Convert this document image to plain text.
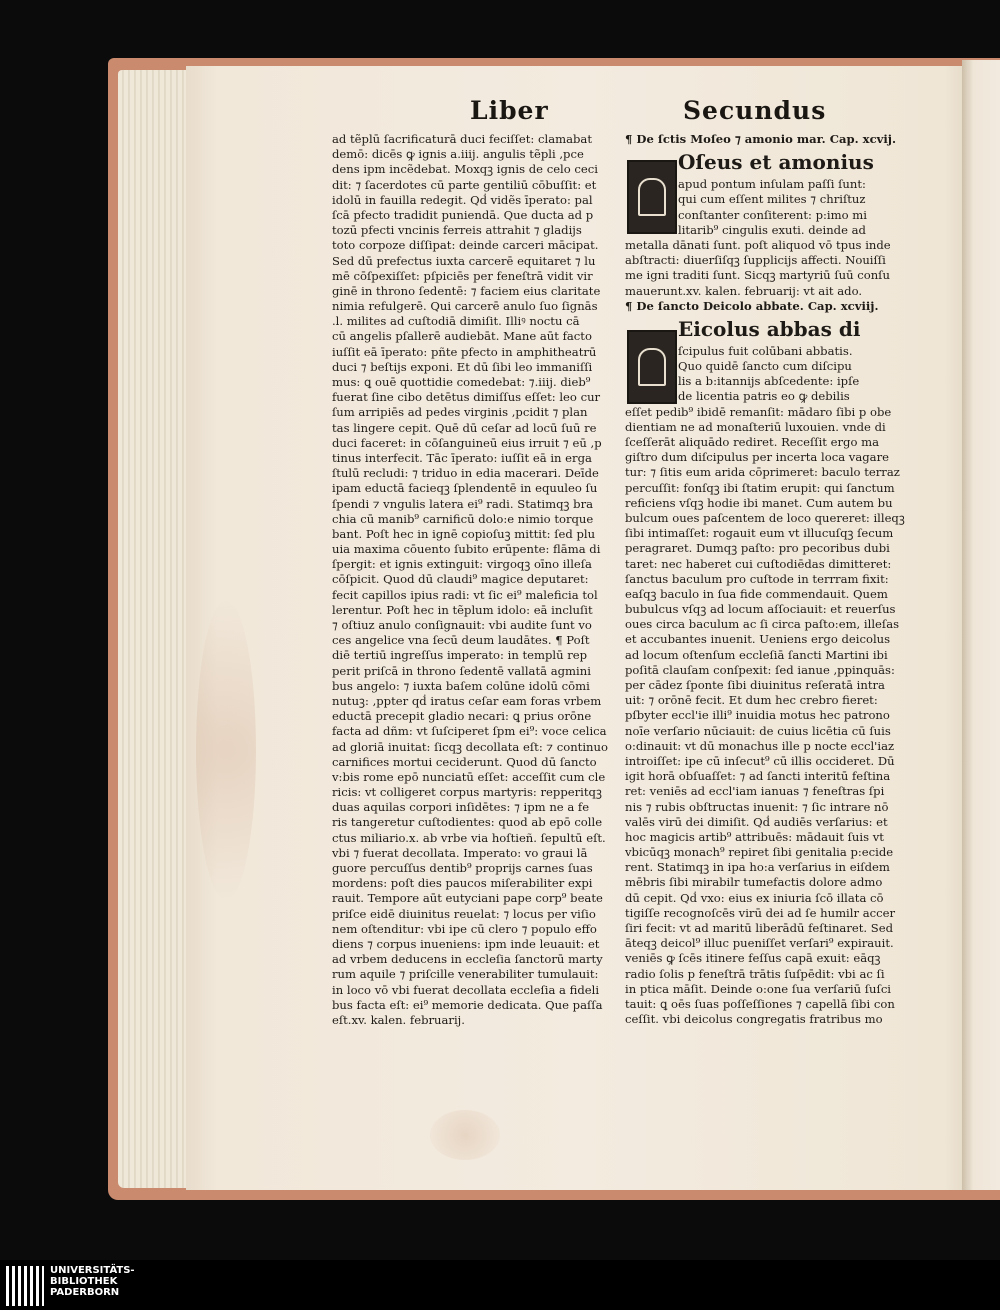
Liber	Secundus
ad tẽplū ſacrificaturā duci feciſſet: clamabat
demō: dicēs ꝙ ignis a.iiij. angulis tẽpli ,pce
dens ipm incẽdebat. Moxqꝫ ignis de celo ceci
dit: ⁊ ſacerdotes cū parte gentiliū cōbuſſit: et
idolū in fauilla redegit. Qḋ vidẽs īperato: pal
ſcā pfecto tradidit puniendā. Que ducta ad p
tozū pfecti vncinis ferreis attrahit ⁊ gladijs
toto corpoze diſſipat: deinde carceri mācipat.
Sed dū prefectus iuxta carcerē equitaret ⁊ lu
mē cōſpexiſſet: pſpiciēs per feneſtrā vidit vir
ginē in throno ſedentē: ⁊ faciem eius claritate
nimia refulgerē. Qui carcerē anulo ſuo ſignās
.l. milites ad cuſtodiā dimiſit. Illiꝰ noctu cā
cū angelis pſallerē audiebāt. Mane aūt facto
iuſſit eā īperato: pñte pfecto in amphitheatrū
duci ⁊ beſtijs exponi. Et dū ſibi leo immaniſſi
mus: ꝗ ouē quottidie comedebat: ⁊.iiij. dieb⁹
fuerat ſine cibo detētus dimiſſus eſſet: leo cur
ſum arripiēs ad pedes virginis ,pcidit ⁊ plan
tas lingere cepit. Quē dū ceſar ad locū ſuū re
duci faceret: in cōſanguineū eius irruit ⁊ eū ,p
tinus interfecit. Tāc īperato: iuſſit eā in erga
ſtulū recludi: ⁊ triduo in edia macerari. Deīde
ipam eductā facieqꝫ ſplendentē in equuleo ſu
ſpendi ⁊ vngulis latera ei⁹ radi. Statimqꝫ bra
chia cū manib⁹ carnificū dolo:e nimio torque
bant. Poſt hec in ignē copioſuꝫ mittit: ſed plu
uia maxima cōuento ſubito erūpente: flāma di
ſpergit: et ignis extinguit: virgoqꝫ oīno illeſa
cōſpicit. Quod dū claudi⁹ magice deputaret:
fecit capillos ipius radi: vt ſic ei⁹ maleficia tol
lerentur. Poſt hec in tẽplum idolo: eā incluſit
⁊ oſtiuz anulo conſignauit: vbi audite ſunt vo
ces angelice vna ſecū deum laudātes. ¶ Poſt
diē tertiū ingreſſus imperato: in templū rep
perit priſcā in throno ſedentē vallatā agmini
bus angelo: ⁊ iuxta baſem colūne idolū cōmi
nutuꝫ: ,ppter qḋ iratus ceſar eam foras vrbem
eductā precepit gladio necari: ꝗ prius orōne
facta ad dñm: vt ſuſciperet ſpm ei⁹: voce celica
ad gloriā inuitat: ſicqꝫ decollata eſt: ⁊ continuo
carnifices mortui ceciderunt. Quod dū ſancto
v:bis rome epō nunciatū eſſet: acceſſit cum cle
ricis: vt colligeret corpus martyris: repperitqꝫ
duas aquilas corpori inſidētes: ⁊ ipm ne a fe
ris tangeretur cuſtodientes: quod ab epō colle
ctus miliario.x. ab vrbe via hoſtieñ. ſepultū eſt.
vbi ⁊ fuerat decollata. Imperato: vo graui lā
guore percuſſus dentib⁹ proprijs carnes ſuas
mordens: poſt dies paucos miſerabiliter expi
rauit. Tempore aūt eutyciani pape corp⁹ beate
priſce eidē diuinitus reuelat: ⁊ locus per viſio
nem oſtenditur: vbi ipe cū clero ⁊ populo effo
diens ⁊ corpus inueniens: ipm inde leuauit: et
ad vrbem deducens in eccleſia ſanctorū marty
rum aquile ⁊ priſcille venerabiliter tumulauit:
in loco vō vbi fuerat decollata eccleſia a fideli
bus facta eſt: ei⁹ memorie dedicata. Que paſſa
eſt.xv. kalen. februarij.
¶ De ſctis Moſeo ⁊ amonio mar. Cap. xcvij.
Oſeus et amonius
apud pontum inſulam paſſi ſunt:
qui cum eſſent milites ⁊ chriſtuz
conſtanter conſiterent: p:imo mi
litarib⁹ cingulis exuti. deinde ad
metalla dānati ſunt. poſt aliquod vō tpus inde
abſtracti: diuerſiſqꝫ ſupplicijs affecti. Nouiſſi
me igni traditi ſunt. Sicqꝫ martyriū ſuū conſu
mauerunt.xv. kalen. februarij: vt ait ado.
¶ De ſancto Deicolo abbate. Cap. xcviij.
Eicolus abbas di
ſcipulus fuit colūbani abbatis.
Quo quidē ſancto cum diſcipu
lis a b:itannijs abſcedente: ipſe
de licentia patris eo ꝙ debilis
eſſet pedib⁹ ibidē remanſit: mādaro ſibi p obe
dientiam ne ad monaſteriū luxouien. vnde di
ſceſſerāt aliquādo rediret. Receſſit ergo ma
giſtro dum diſcipulus per incerta loca vagare
tur: ⁊ ſitis eum arida cōprimeret: baculo terraz
percuſſit: fonſqꝫ ibi ſtatim erupit: qui ſanctum
reficiens vſqꝫ hodie ibi manet. Cum autem bu
bulcum oues paſcentem de loco quereret: illeqꝫ
ſibi intimaſſet: rogauit eum vt illucuſqꝫ ſecum
peragraret. Dumqꝫ paſto: pro pecoribus dubi
taret: nec haberet cui cuſtodiēdas dimitteret:
ſanctus baculum pro cuſtode in terrram fixit:
eaſqꝫ baculo in ſua fide commendauit. Quem
bubulcus vſqꝫ ad locum aſſociauit: et reuerſus
oues circa baculum ac ſi circa paſto:em, illeſas
et accubantes inuenit. Ueniens ergo deicolus
ad locum oſtenſum eccleſiā ſancti Martini ibi
poſitā clauſam conſpexit: ſed ianue ,ppinquās:
per cādez ſponte ſibi diuinitus reſeratā intra
uit: ⁊ orōnē fecit. Et dum hec crebro fieret:
pſbyter eccl'ie illi⁹ inuidia motus hec patrono
noīe verſario nūciauit: de cuius licētia cū ſuis
o:dinauit: vt dū monachus ille p nocte eccl'iaz
introiſſet: ipe cū inſecut⁹ cū illis occideret. Dū
igit horā obſuaſſet: ⁊ ad ſancti interitū feſtina
ret: veniēs ad eccl'iam ianuas ⁊ feneſtras ſpi
nis ⁊ rubis obſtructas inuenit: ⁊ ſic intrare nō
valēs virū dei dimiſit. Qḋ audiēs verſarius: et
hoc magicis artib⁹ attribuēs: mādauit ſuis vt
vbicūqꝫ monach⁹ repiret ſibi genitalia p:ecide
rent. Statimqꝫ in ipa ho:a verſarius in eiſdem
mēbris ſibi mirabilr tumefactis dolore admo
dū cepit. Qḋ vxo: eius ex iniuria ſcō illata cō
tigiſſe recognoſcēs virū dei ad ſe humilr accer
ſiri fecit: vt ad maritū liberādū feſtinaret. Sed
āteqꝫ deicol⁹ illuc pueniſſet verſari⁹ expirauit.
veniēs ꝙ ſcēs itinere feſſus capā exuit: eāqꝫ
radio ſolis p feneſtrā trātis ſuſpēdit: vbi ac ſi
in ptica māſit. Deinde o:one ſua verſariū ſuſci
tauit: ꝗ oēs ſuas poſſeſſiones ⁊ capellā ſibi con
ceſſit. vbi deicolus congregatis fratribus mo
UNIVERSITÄTS-
BIBLIOTHEK
PADERBORN
